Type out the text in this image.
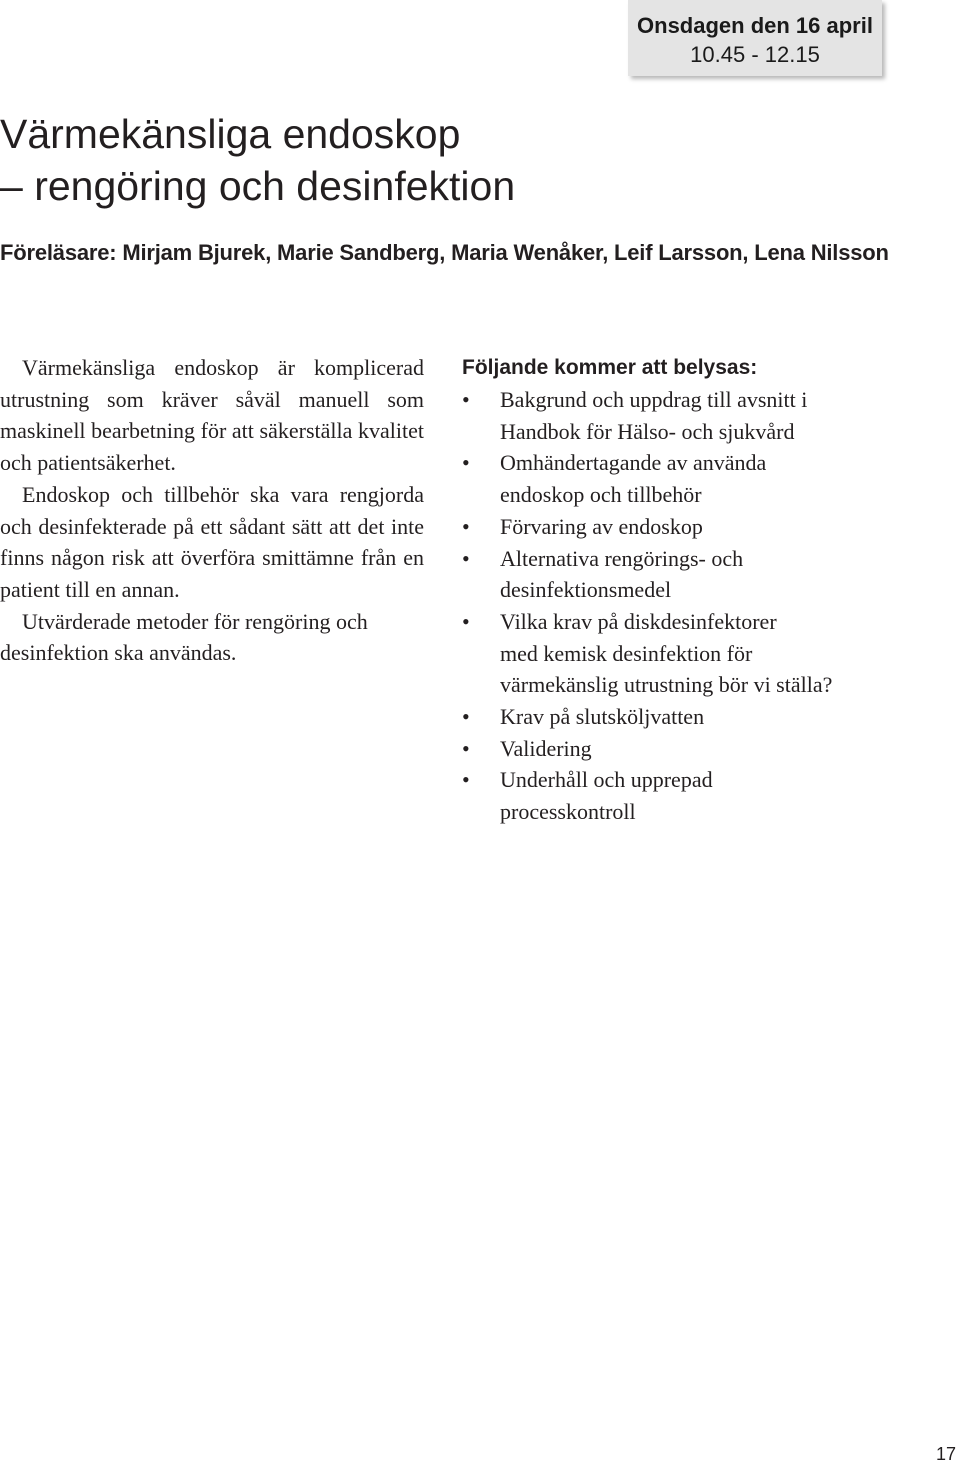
Onsdagen den 16 april
10.45 - 12.15
Värmekänsliga endoskop
– rengöring och desinfektion
Föreläsare: Mirjam Bjurek, Marie Sandberg, Maria Wenåker, Leif Larsson, Lena Nilsson

Värmekänsliga endoskop är komplicerad utrustning som kräver såväl manuell som maskinell bearbetning för att säkerställa kvalitet och patientsäkerhet.

Endoskop och tillbehör ska vara rengjorda och desinfekterade på ett sådant sätt att det inte finns någon risk att överföra smittämne från en patient till en annan.

Utvärderade metoder för rengöring och desinfektion ska användas.

Följande kommer att belysas:

• Bakgrund och uppdrag till avsnitt i
Handbok för Hälso- och sjukvård
• Omhändertagande av använda
endoskop och tillbehör
• Förvaring av endoskop
• Alternativa rengörings- och
desinfektionsmedel
• Vilka krav på diskdesinfektorer
med kemisk desinfektion för
värmekänslig utrustning bör vi ställa?
• Krav på slutsköljvatten
• Validering
• Underhåll och upprepad
processkontroll
17
